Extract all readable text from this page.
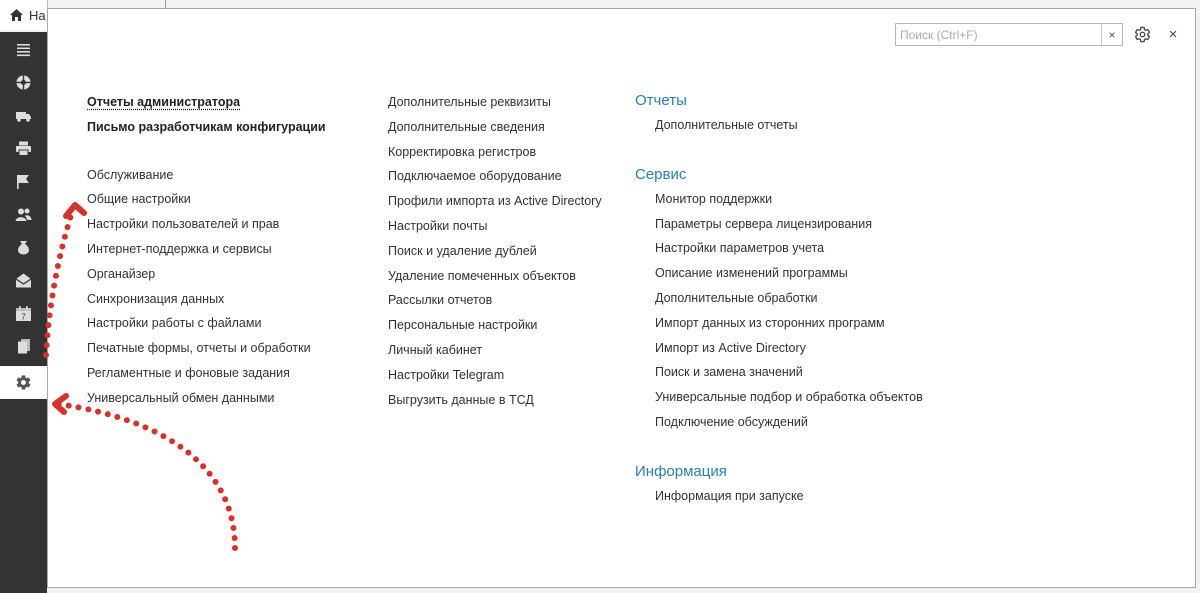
На
7
Поиск (Ctrl+F)
×	×
Отчеты администратора
Письмо разработчикам конфигурации
Обслуживание
Общие настройки
Настройки пользователей и прав
Интернет-поддержка и сервисы
Органайзер
Синхронизация данных
Настройки работы с файлами
Печатные формы, отчеты и обработки
Регламентные и фоновые задания
Универсальный обмен данными
Дополнительные реквизиты
Дополнительные сведения
Корректировка регистров
Подключаемое оборудование
Профили импорта из Active Directory
Настройки почты
Поиск и удаление дублей
Удаление помеченных объектов
Рассылки отчетов
Персональные настройки
Личный кабинет
Настройки Telegram
Выгрузить данные в ТСД
Отчеты
Дополнительные отчеты
Сервис
Монитор поддержки
Параметры сервера лицензирования
Настройки параметров учета
Описание изменений программы
Дополнительные обработки
Импорт данных из сторонних программ
Импорт из Active Directory
Поиск и замена значений
Универсальные подбор и обработка объектов
Подключение обсуждений
Информация
Информация при запуске
